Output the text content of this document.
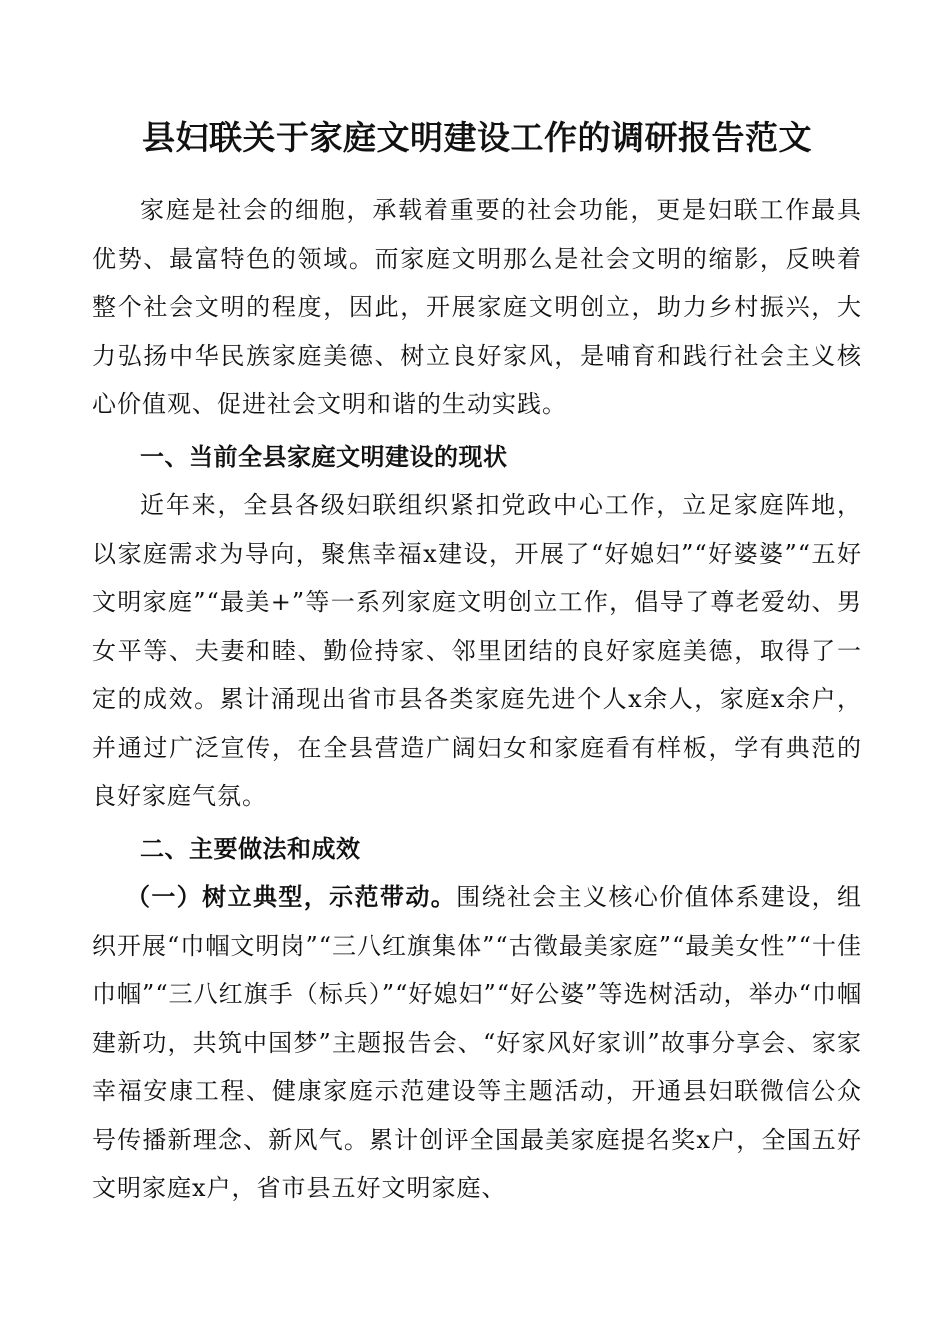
县妇联关于家庭文明建设工作的调研报告范文

家庭是社会的细胞，承载着重要的社会功能，更是妇联工作最具优势、最富特色的领域。而家庭文明那么是社会文明的缩影，反映着整个社会文明的程度，因此，开展家庭文明创立，助力乡村振兴，大力弘扬中华民族家庭美德、树立良好家风，是哺育和践行社会主义核心价值观、促进社会文明和谐的生动实践。

一、当前全县家庭文明建设的现状

近年来，全县各级妇联组织紧扣党政中心工作，立足家庭阵地，以家庭需求为导向，聚焦幸福x建设，开展了“好媳妇”“好婆婆”“五好文明家庭”“最美+”等一系列家庭文明创立工作，倡导了尊老爱幼、男女平等、夫妻和睦、勤俭持家、邻里团结的良好家庭美德，取得了一定的成效。累计涌现出省市县各类家庭先进个人x余人，家庭x余户，并通过广泛宣传，在全县营造广阔妇女和家庭看有样板，学有典范的良好家庭气氛。

二、主要做法和成效

（一）树立典型，示范带动。围绕社会主义核心价值体系建设，组织开展“巾帼文明岗”“三八红旗集体”“古徵最美家庭”“最美女性”“十佳巾帼”“三八红旗手（标兵）”“好媳妇”“好公婆”等选树活动，举办“巾帼建新功，共筑中国梦”主题报告会、“好家风好家训”故事分享会、家家幸福安康工程、健康家庭示范建设等主题活动，开通县妇联微信公众号传播新理念、新风气。累计创评全国最美家庭提名奖x户，全国五好文明家庭x户，省市县五好文明家庭、
